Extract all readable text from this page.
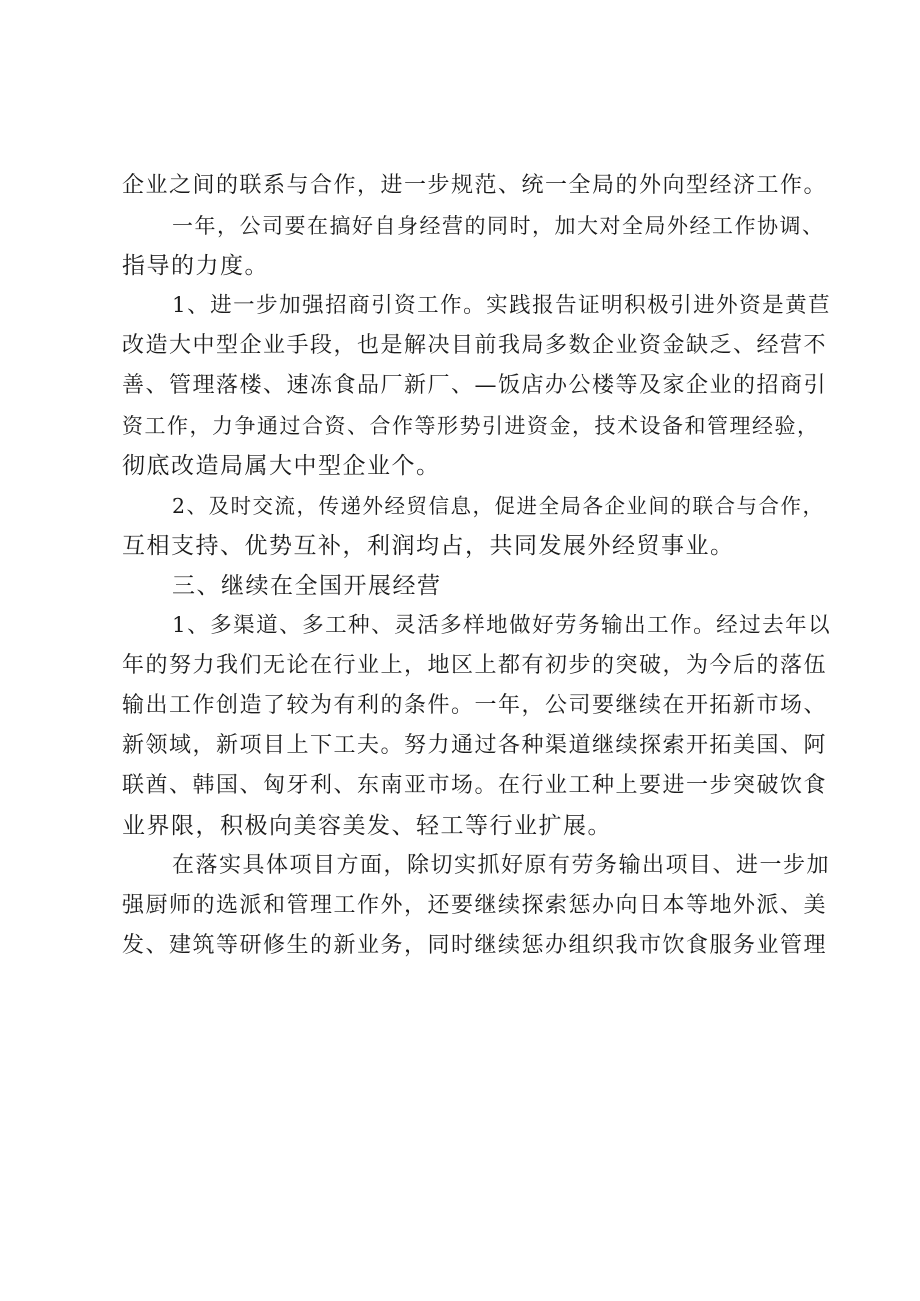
企业之间的联系与合作，进一步规范、统一全局的外向型经济工作。
一年，公司要在搞好自身经营的同时，加大对全局外经工作协调、
指导的力度。
1、进一步加强招商引资工作。实践报告证明积极引进外资是黄苣
改造大中型企业手段，也是解决目前我局多数企业资金缺乏、经营不
善、管理落楼、速冻食品厂新厂、—饭店办公楼等及家企业的招商引
资工作，力争通过合资、合作等形势引进资金，技术设备和管理经验，
彻底改造局属大中型企业个。
2、及时交流，传递外经贸信息，促进全局各企业间的联合与合作，
互相支持、优势互补，利润均占，共同发展外经贸事业。
三、继续在全国开展经营
1、多渠道、多工种、灵活多样地做好劳务输出工作。经过去年以
年的努力我们无论在行业上，地区上都有初步的突破，为今后的落伍
输出工作创造了较为有利的条件。一年，公司要继续在开拓新市场、
新领域，新项目上下工夫。努力通过各种渠道继续探索开拓美国、阿
联酋、韩国、匈牙利、东南亚市场。在行业工种上要进一步突破饮食
业界限，积极向美容美发、轻工等行业扩展。
在落实具体项目方面，除切实抓好原有劳务输出项目、进一步加
强厨师的选派和管理工作外，还要继续探索惩办向日本等地外派、美
发、建筑等研修生的新业务，同时继续惩办组织我市饮食服务业管理
